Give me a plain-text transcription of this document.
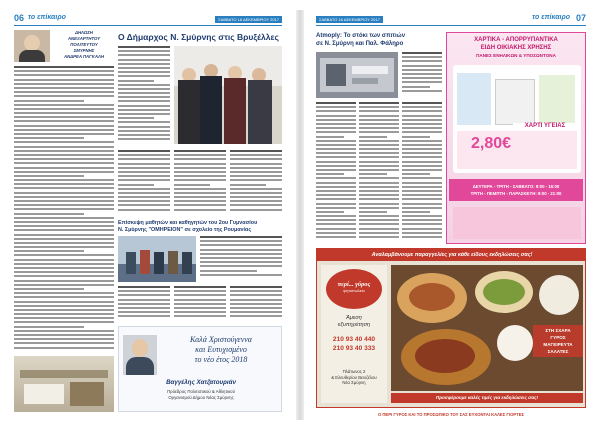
06 το επίκαιρο	ΣΑΒΒΑΤΟ 16 ΔΕΚΕΜΒΡΙΟΥ 2017
ΔΗΛΩΣΗ
ΑΝΕΞΑΡΤΗΤΟΥ ΠΟΛΙΤΕΥΤΟΥ
ΣΜΥΡΝΗΣ
ΑΝΔΡΕΑ ΠΑΓΚΑΛΗ
Ο Δήμαρχος Ν. Σμύρνης στις Βρυξέλλες
Επίσκεψη μαθητών και καθηγητών του 2ου Γυμνασίου
Ν. Σμύρνης "ΟΜΗΡΕΙΟΝ" σε σχολείο της Ρουμανίας
Καλά Χριστούγεννα
και Ευτυχισμένο
το νέο έτος 2018
Βαγγέλης Χατζατουριάν
Πρόεδρος Πολιτιστικού & Αθλητικού
Οργανισμού Δήμου Νέας Σμύρνης
ΣΑΒΒΑΤΟ 16 ΔΕΚΕΜΒΡΙΟΥ 2017	το επίκαιρο 07
Atmoply: Το στόκι των σπιτιών
σε Ν. Σμύρνη και Παλ. Φάληρο
ΧΑΡΤΙΚΑ - ΑΠΟΡΡΥΠΑΝΤΙΚΑ
ΕΙΔΗ ΟΙΚΙΑΚΗΣ ΧΡΗΣΗΣ
ΠΑΝΕΣ ΕΝΗΛΙΚΩΝ & ΥΠΟΣΩΝΤΟΝΑ
ΧΑΡΤΙ ΥΓΕΙΑΣ
2,80€
ΔΕΥΤΕΡΑ - ΤΡΙΤΗ - ΣΑΒΒΑΤΟ: 9:00 - 16:00
ΤΡΙΤΗ - ΠΕΜΠΤΗ - ΠΑΡΑΣΚΕΥΗ: 9:00 - 21:00
Αναλαμβάνουμε παραγγελίες για κάθε είδους εκδηλώσεις σας!
περί... γύρος
ψητοπωλείο
Άμεση
εξυπηρέτηση
210 93 40 440
210 93 40 333
Πλάτωνος 2
& Ελευθερίου Βενιζέλου
Νέα Σμύρνη
ΣΤΗ ΣΧΑΡΑ
ΓΥΡΟΣ
ΜΑΓΕΙΡΕΥΤΑ
ΣΑΛΑΤΕΣ
Προσφέρουμε καλές τιμές για εκδηλώσεις σας!
Ο ΠΕΡΙ ΓΥΡΟΣ ΚΑΙ ΤΟ ΠΡΟΣΩΠΙΚΟ ΤΟΥ ΣΑΣ ΕΥΧΟΝΤΑΙ ΚΑΛΕΣ ΓΙΟΡΤΕΣ
